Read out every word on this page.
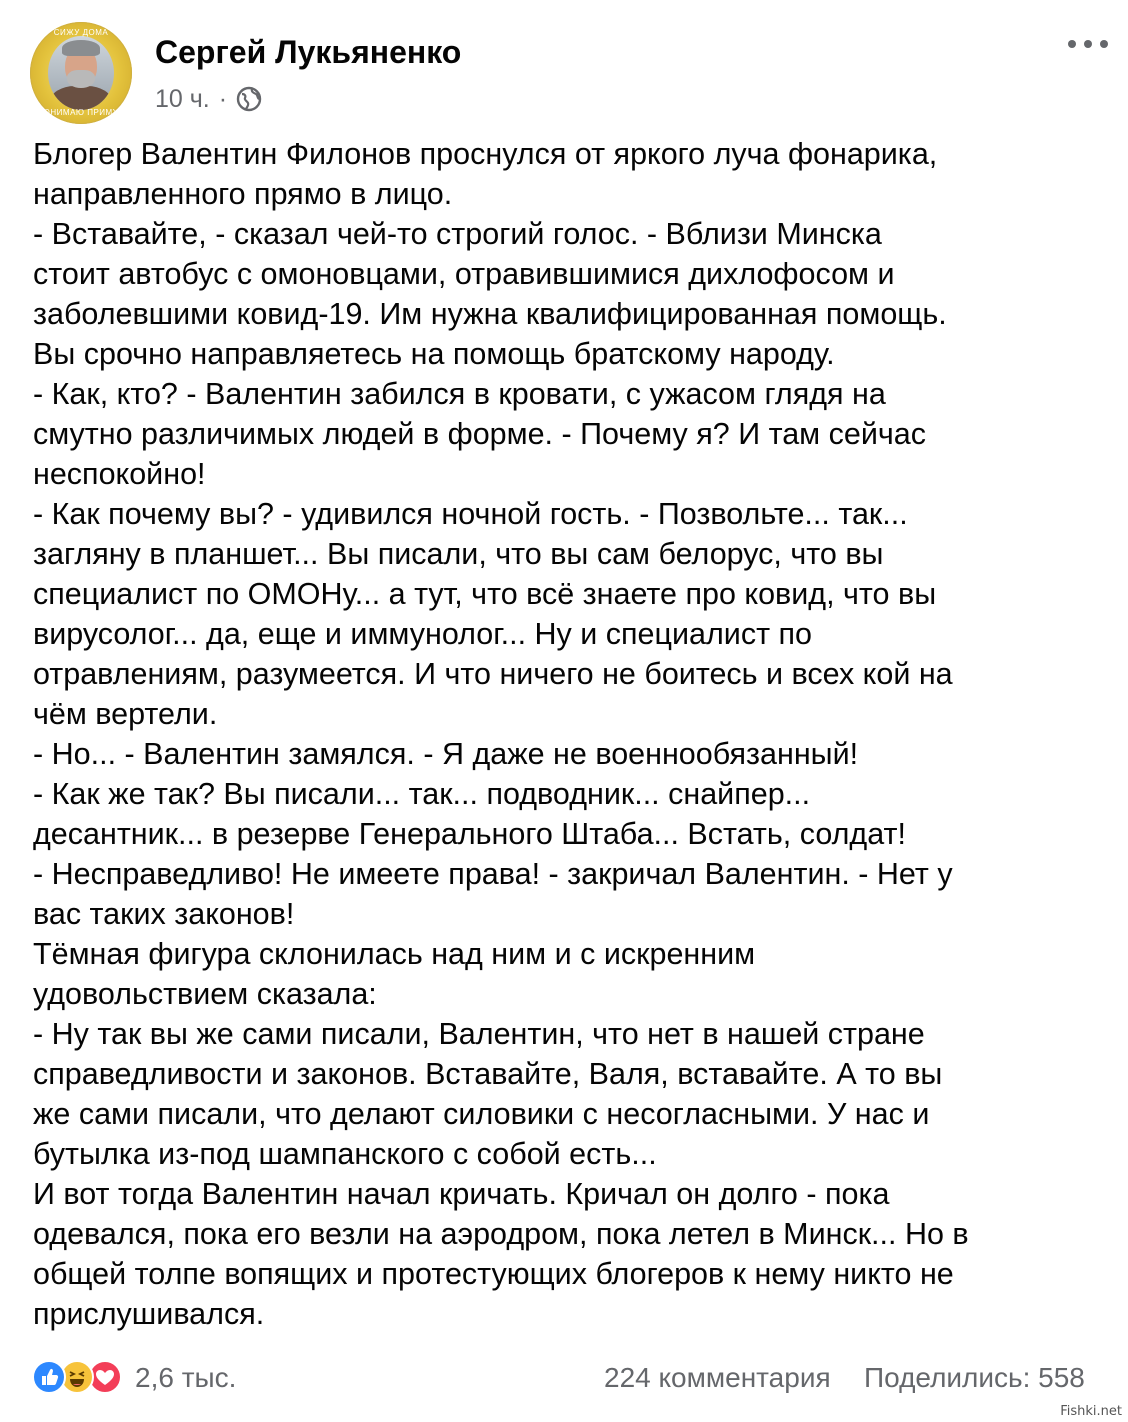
СИЖУ ДОМА
ПОНИМАЮ ПРИМУС
Сергей Лукьяненко
10 ч. ·

Блогер Валентин Филонов проснулся от яркого луча фонарика,

направленного прямо в лицо.

- Вставайте, - сказал чей-то строгий голос. - Вблизи Минска

стоит автобус с омоновцами, отравившимися дихлофосом и

заболевшими ковид-19. Им нужна квалифицированная помощь.

Вы срочно направляетесь на помощь братскому народу.

- Как, кто? - Валентин забился в кровати, с ужасом глядя на

смутно различимых людей в форме. - Почему я? И там сейчас

неспокойно!

- Как почему вы? - удивился ночной гость. - Позвольте... так...

загляну в планшет... Вы писали, что вы сам белорус, что вы

специалист по ОМОНу... а тут, что всё знаете про ковид, что вы

вирусолог... да, еще и иммунолог... Ну и специалист по

отравлениям, разумеется. И что ничего не боитесь и всех кой на

чём вертели.

- Но... - Валентин замялся. - Я даже не военнообязанный!

- Как же так? Вы писали... так... подводник... снайпер...

десантник... в резерве Генерального Штаба... Встать, солдат!

- Несправедливо! Не имеете права! - закричал Валентин. - Нет у

вас таких законов!

Тёмная фигура склонилась над ним и с искренним

удовольствием сказала:

- Ну так вы же сами писали, Валентин, что нет в нашей стране

справедливости и законов. Вставайте, Валя, вставайте. А то вы

же сами писали, что делают силовики с несогласными. У нас и

бутылка из-под шампанского с собой есть...

И вот тогда Валентин начал кричать. Кричал он долго - пока

одевался, пока его везли на аэродром, пока летел в Минск... Но в

общей толпе вопящих и протестующих блогеров к нему никто не

прислушивался.

2,6 тыс.	224 комментария Поделились: 558
Fishki.net
